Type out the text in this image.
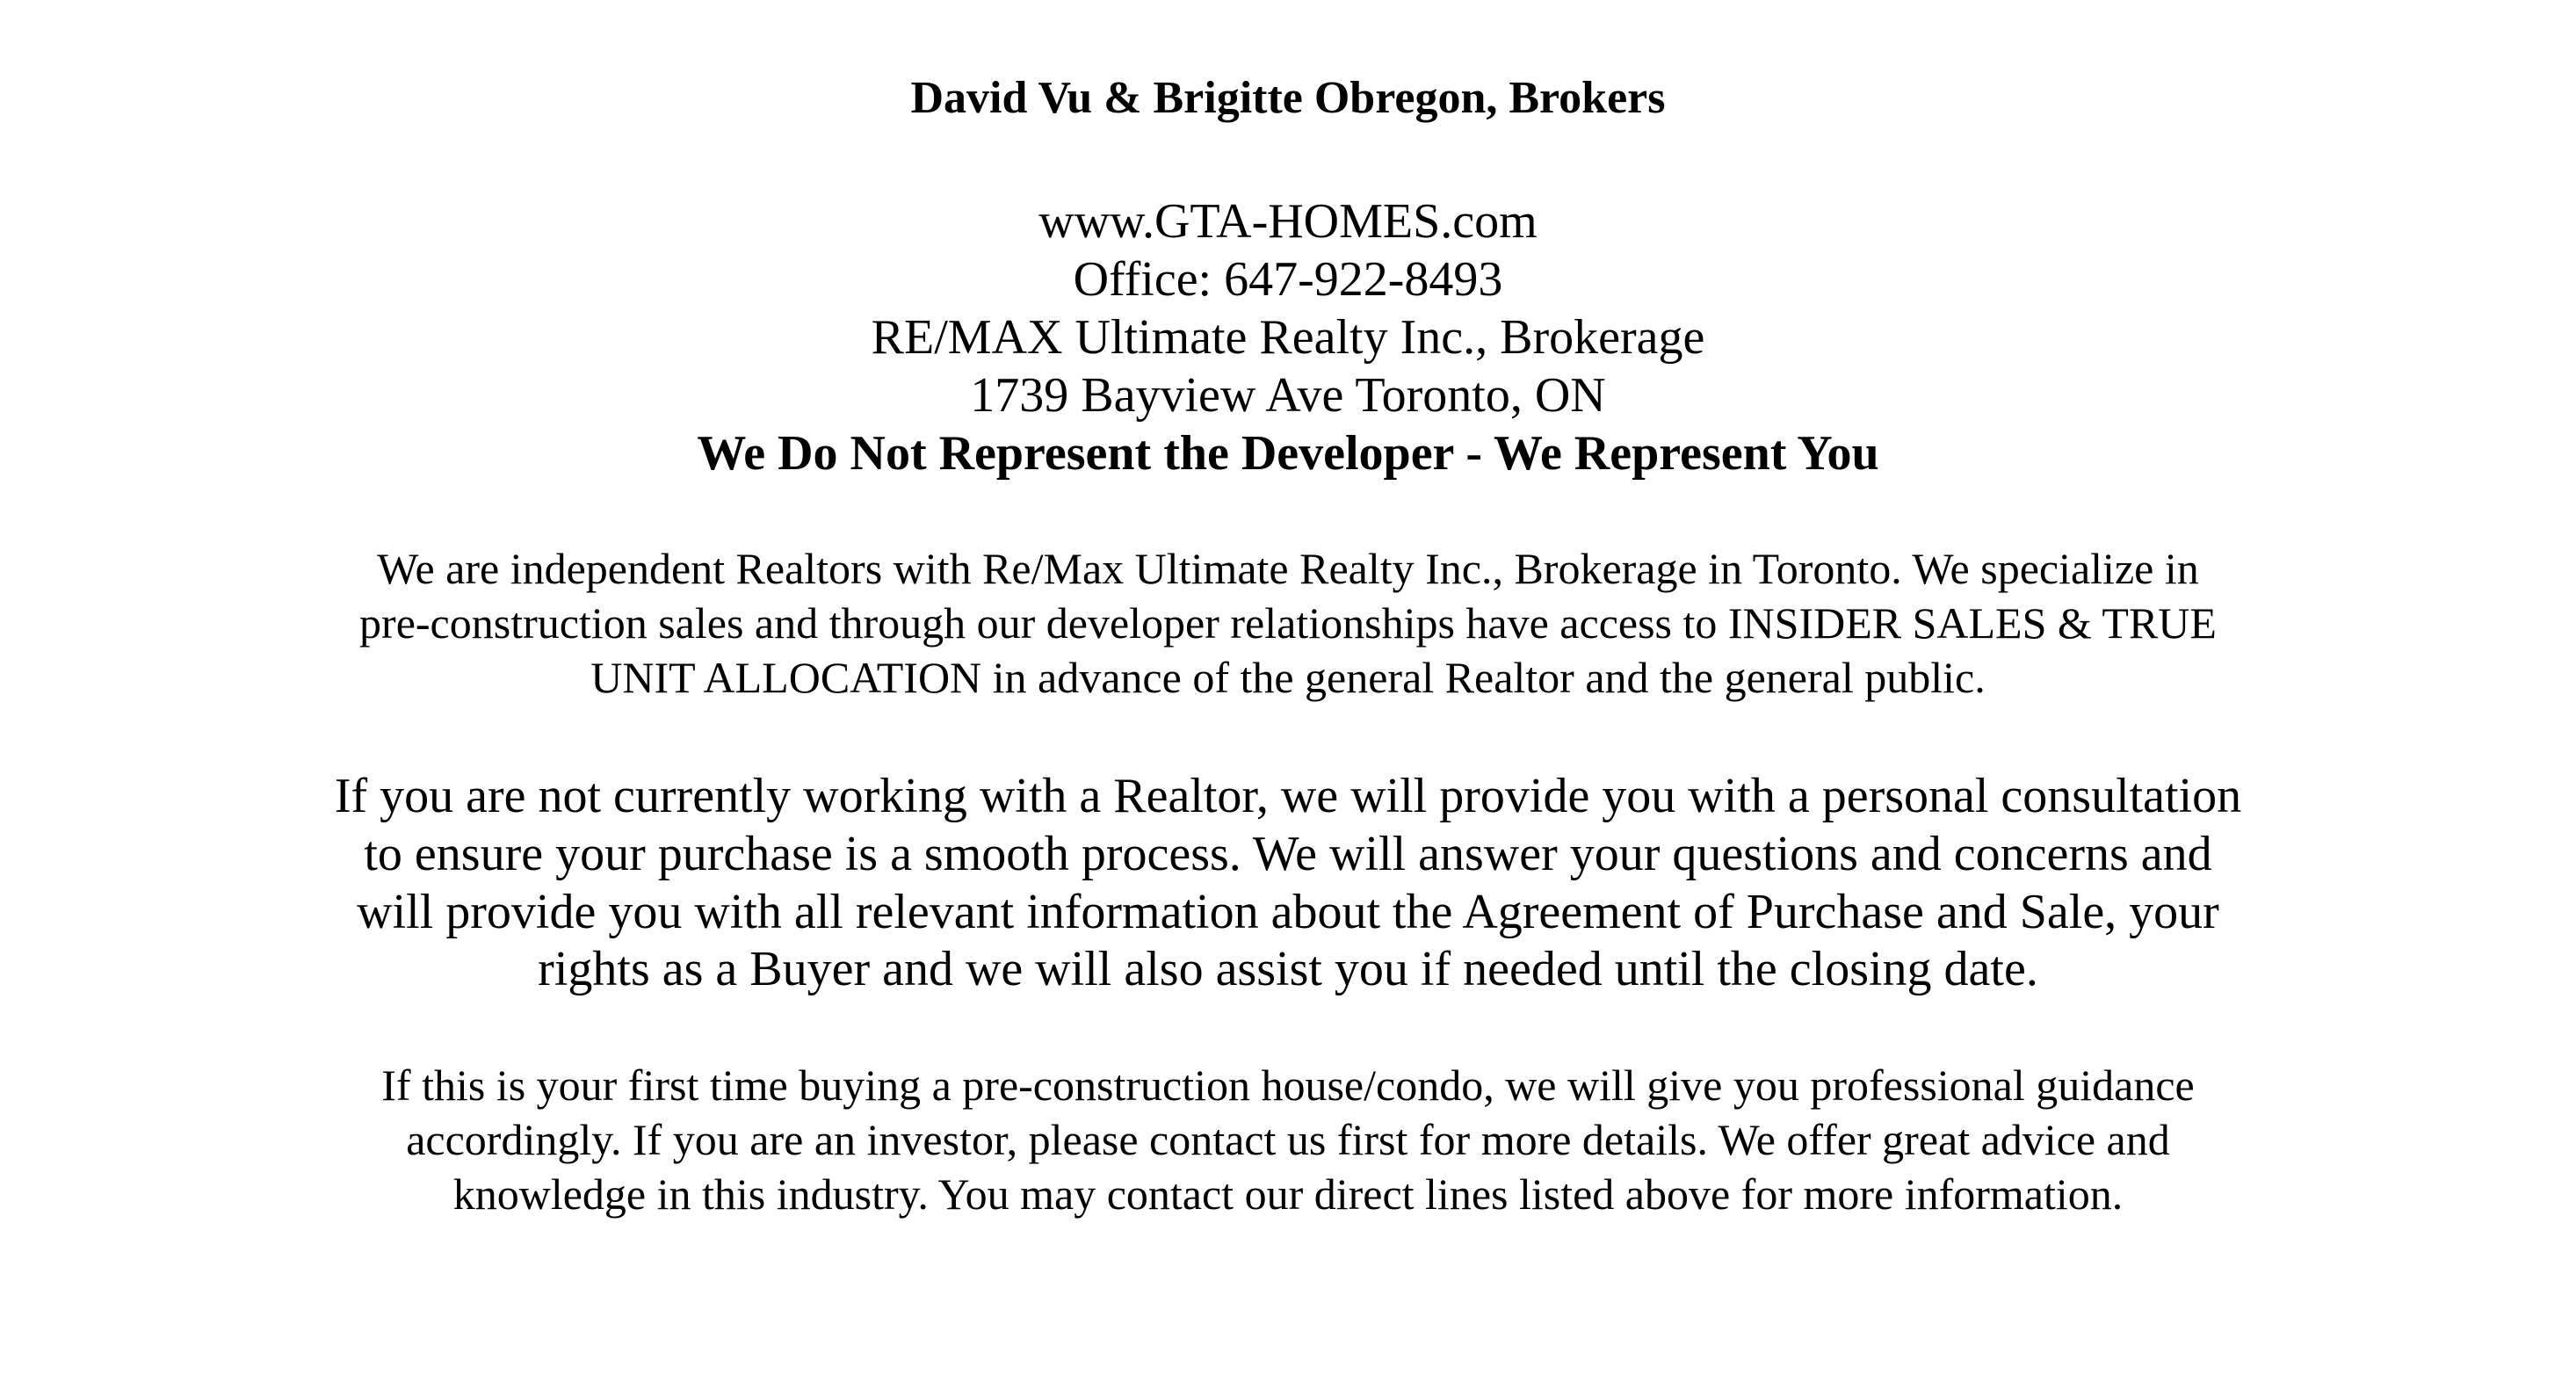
David Vu & Brigitte Obregon, Brokers

www.GTA-HOMES.com

Office: 647-922-8493

RE/MAX Ultimate Realty Inc., Brokerage

1739 Bayview Ave Toronto, ON

We Do Not Represent the Developer - We Represent You

We are independent Realtors with Re/Max Ultimate Realty Inc., Brokerage in Toronto. We specialize in

pre-construction sales and through our developer relationships have access to INSIDER SALES & TRUE

UNIT ALLOCATION in advance of the general Realtor and the general public.

If you are not currently working with a Realtor, we will provide you with a personal consultation

to ensure your purchase is a smooth process. We will answer your questions and concerns and

will provide you with all relevant information about the Agreement of Purchase and Sale, your

rights as a Buyer and we will also assist you if needed until the closing date.

If this is your first time buying a pre-construction house/condo, we will give you professional guidance

accordingly. If you are an investor, please contact us first for more details. We offer great advice and

knowledge in this industry. You may contact our direct lines listed above for more information.
